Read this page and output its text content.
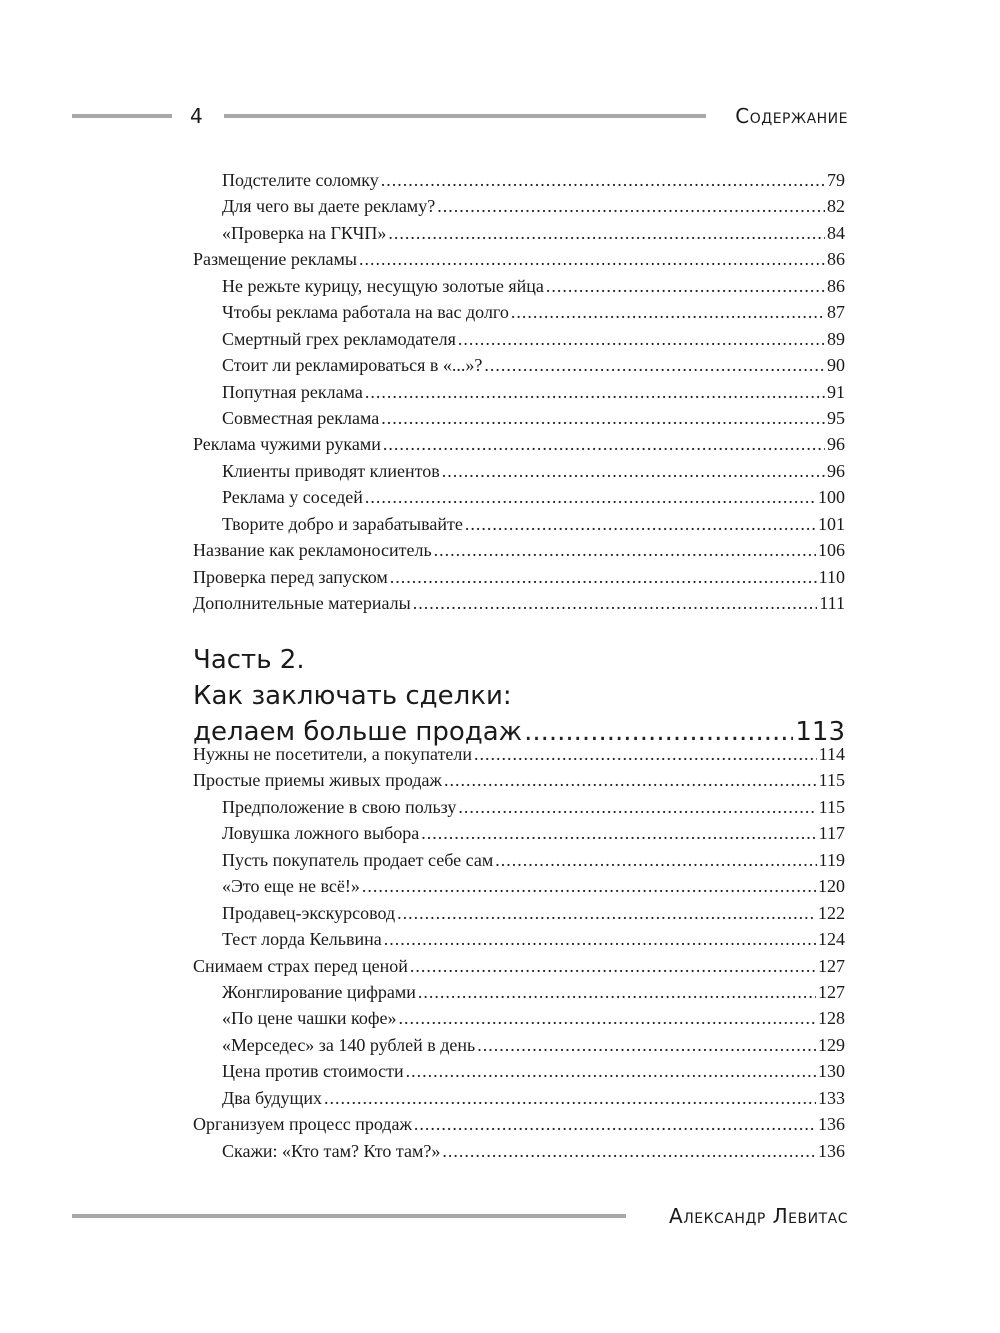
4	Содержание
Подстелите соломку .....	79
Для чего вы даете рекламу? .....	82
«Проверка на ГКЧП» .....	84
Размещение рекламы .....	86
Не режьте курицу, несущую золотые яйца .....	86
Чтобы реклама работала на вас долго .....	87
Смертный грех рекламодателя .....	89
Стоит ли рекламироваться в «...»? .....	90
Попутная реклама .....	91
Совместная реклама .....	95
Реклама чужими руками .....	96
Клиенты приводят клиентов .....	96
Реклама у соседей .....	100
Творите добро и зарабатывайте .....	101
Название как рекламоноситель .....	106
Проверка перед запуском .....	110
Дополнительные материалы .....	111
Часть 2.
Как заключать сделки:
делаем больше продаж .....	113
Нужны не посетители, а покупатели .....	114
Простые приемы живых продаж .....	115
Предположение в свою пользу .....	115
Ловушка ложного выбора .....	117
Пусть покупатель продает себе сам .....	119
«Это еще не всё!» .....	120
Продавец-экскурсовод .....	122
Тест лорда Кельвина .....	124
Снимаем страх перед ценой .....	127
Жонглирование цифрами .....	127
«По цене чашки кофе» .....	128
«Мерседес» за 140 рублей в день .....	129
Цена против стоимости .....	130
Два будущих .....	133
Организуем процесс продаж .....	136
Скажи: «Кто там? Кто там?» .....	136
Александр Левитас
